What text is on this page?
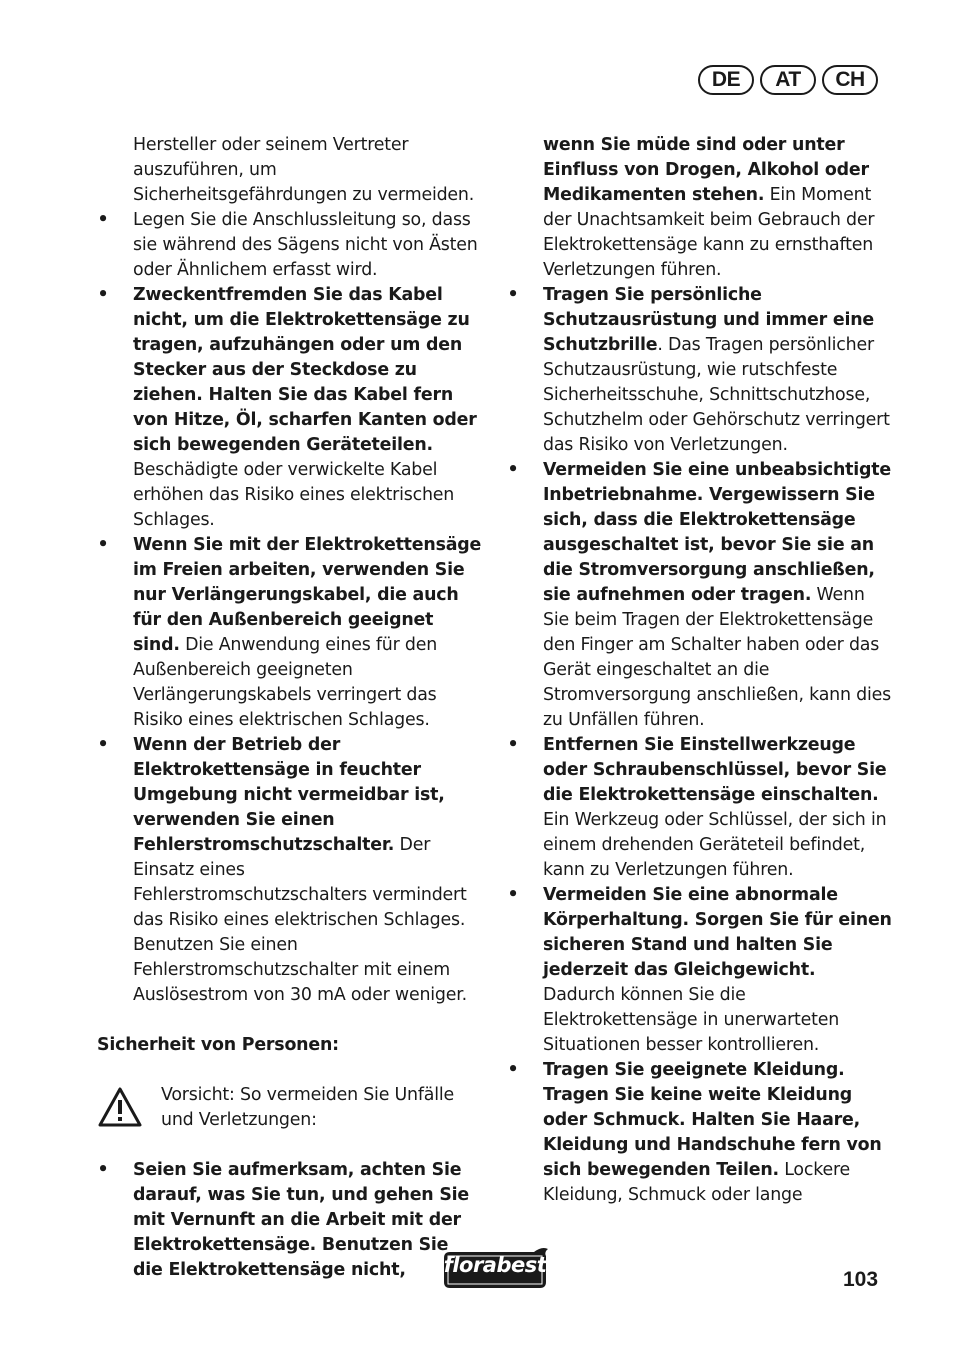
DE	AT	CH

Hersteller oder seinem Vertreter auszuführen, um Sicherheitsgefährdungen zu vermeiden.

• Legen Sie die Anschlussleitung so, dass sie während des Sägens nicht von Ästen oder Ähnlichem erfasst wird.
• Zweckentfremden Sie das Kabel nicht, um die Elektrokettensäge zu tragen, aufzuhängen oder um den Stecker aus der Steckdose zu ziehen. Halten Sie das Kabel fern von Hitze, Öl, scharfen Kanten oder sich bewegenden Geräteteilen. Beschädigte oder verwickelte Kabel erhöhen das Risiko eines elektrischen Schlages.
• Wenn Sie mit der Elektrokettensäge im Freien arbeiten, verwenden Sie nur Verlängerungskabel, die auch für den Außenbereich geeignet sind. Die Anwendung eines für den Außenbereich geeigneten Verlängerungskabels verringert das Risiko eines elektrischen Schlages.
• Wenn der Betrieb der Elektrokettensäge in feuchter Umgebung nicht vermeidbar ist, verwenden Sie einen Fehlerstromschutzschalter. Der Einsatz eines Fehlerstromschutzschalters vermindert das Risiko eines elektrischen Schlages. Benutzen Sie einen Fehlerstromschutzschalter mit einem Auslösestrom von 30 mA oder weniger.

Sicherheit von Personen:

Vorsicht: So vermeiden Sie Unfälle und Verletzungen:
• Seien Sie aufmerksam, achten Sie darauf, was Sie tun, und gehen Sie mit Vernunft an die Arbeit mit der Elektrokettensäge. Benutzen Sie die Elektrokettensäge nicht,

wenn Sie müde sind oder unter Einfluss von Drogen, Alkohol oder Medikamenten stehen. Ein Moment der Unachtsamkeit beim Gebrauch der Elektrokettensäge kann zu ernsthaften Verletzungen führen.

• Tragen Sie persönliche Schutzausrüstung und immer eine Schutzbrille. Das Tragen persönlicher Schutzausrüstung, wie rutschfeste Sicherheitsschuhe, Schnittschutzhose, Schutzhelm oder Gehörschutz verringert das Risiko von Verletzungen.
• Vermeiden Sie eine unbeabsichtigte Inbetriebnahme. Vergewissern Sie sich, dass die Elektrokettensäge ausgeschaltet ist, bevor Sie sie an die Stromversorgung anschließen, sie aufnehmen oder tragen. Wenn Sie beim Tragen der Elektrokettensäge den Finger am Schalter haben oder das Gerät eingeschaltet an die Stromversorgung anschließen, kann dies zu Unfällen führen.
• Entfernen Sie Einstellwerkzeuge oder Schraubenschlüssel, bevor Sie die Elektrokettensäge einschalten. Ein Werkzeug oder Schlüssel, der sich in einem drehenden Geräteteil befindet, kann zu Verletzungen führen.
• Vermeiden Sie eine abnormale Körperhaltung. Sorgen Sie für einen sicheren Stand und halten Sie jederzeit das Gleichgewicht. Dadurch können Sie die Elektrokettensäge in unerwarteten Situationen besser kontrollieren.
• Tragen Sie geeignete Kleidung. Tragen Sie keine weite Kleidung oder Schmuck. Halten Sie Haare, Kleidung und Handschuhe fern von sich bewegenden Teilen. Lockere Kleidung, Schmuck oder lange
florabest
103
